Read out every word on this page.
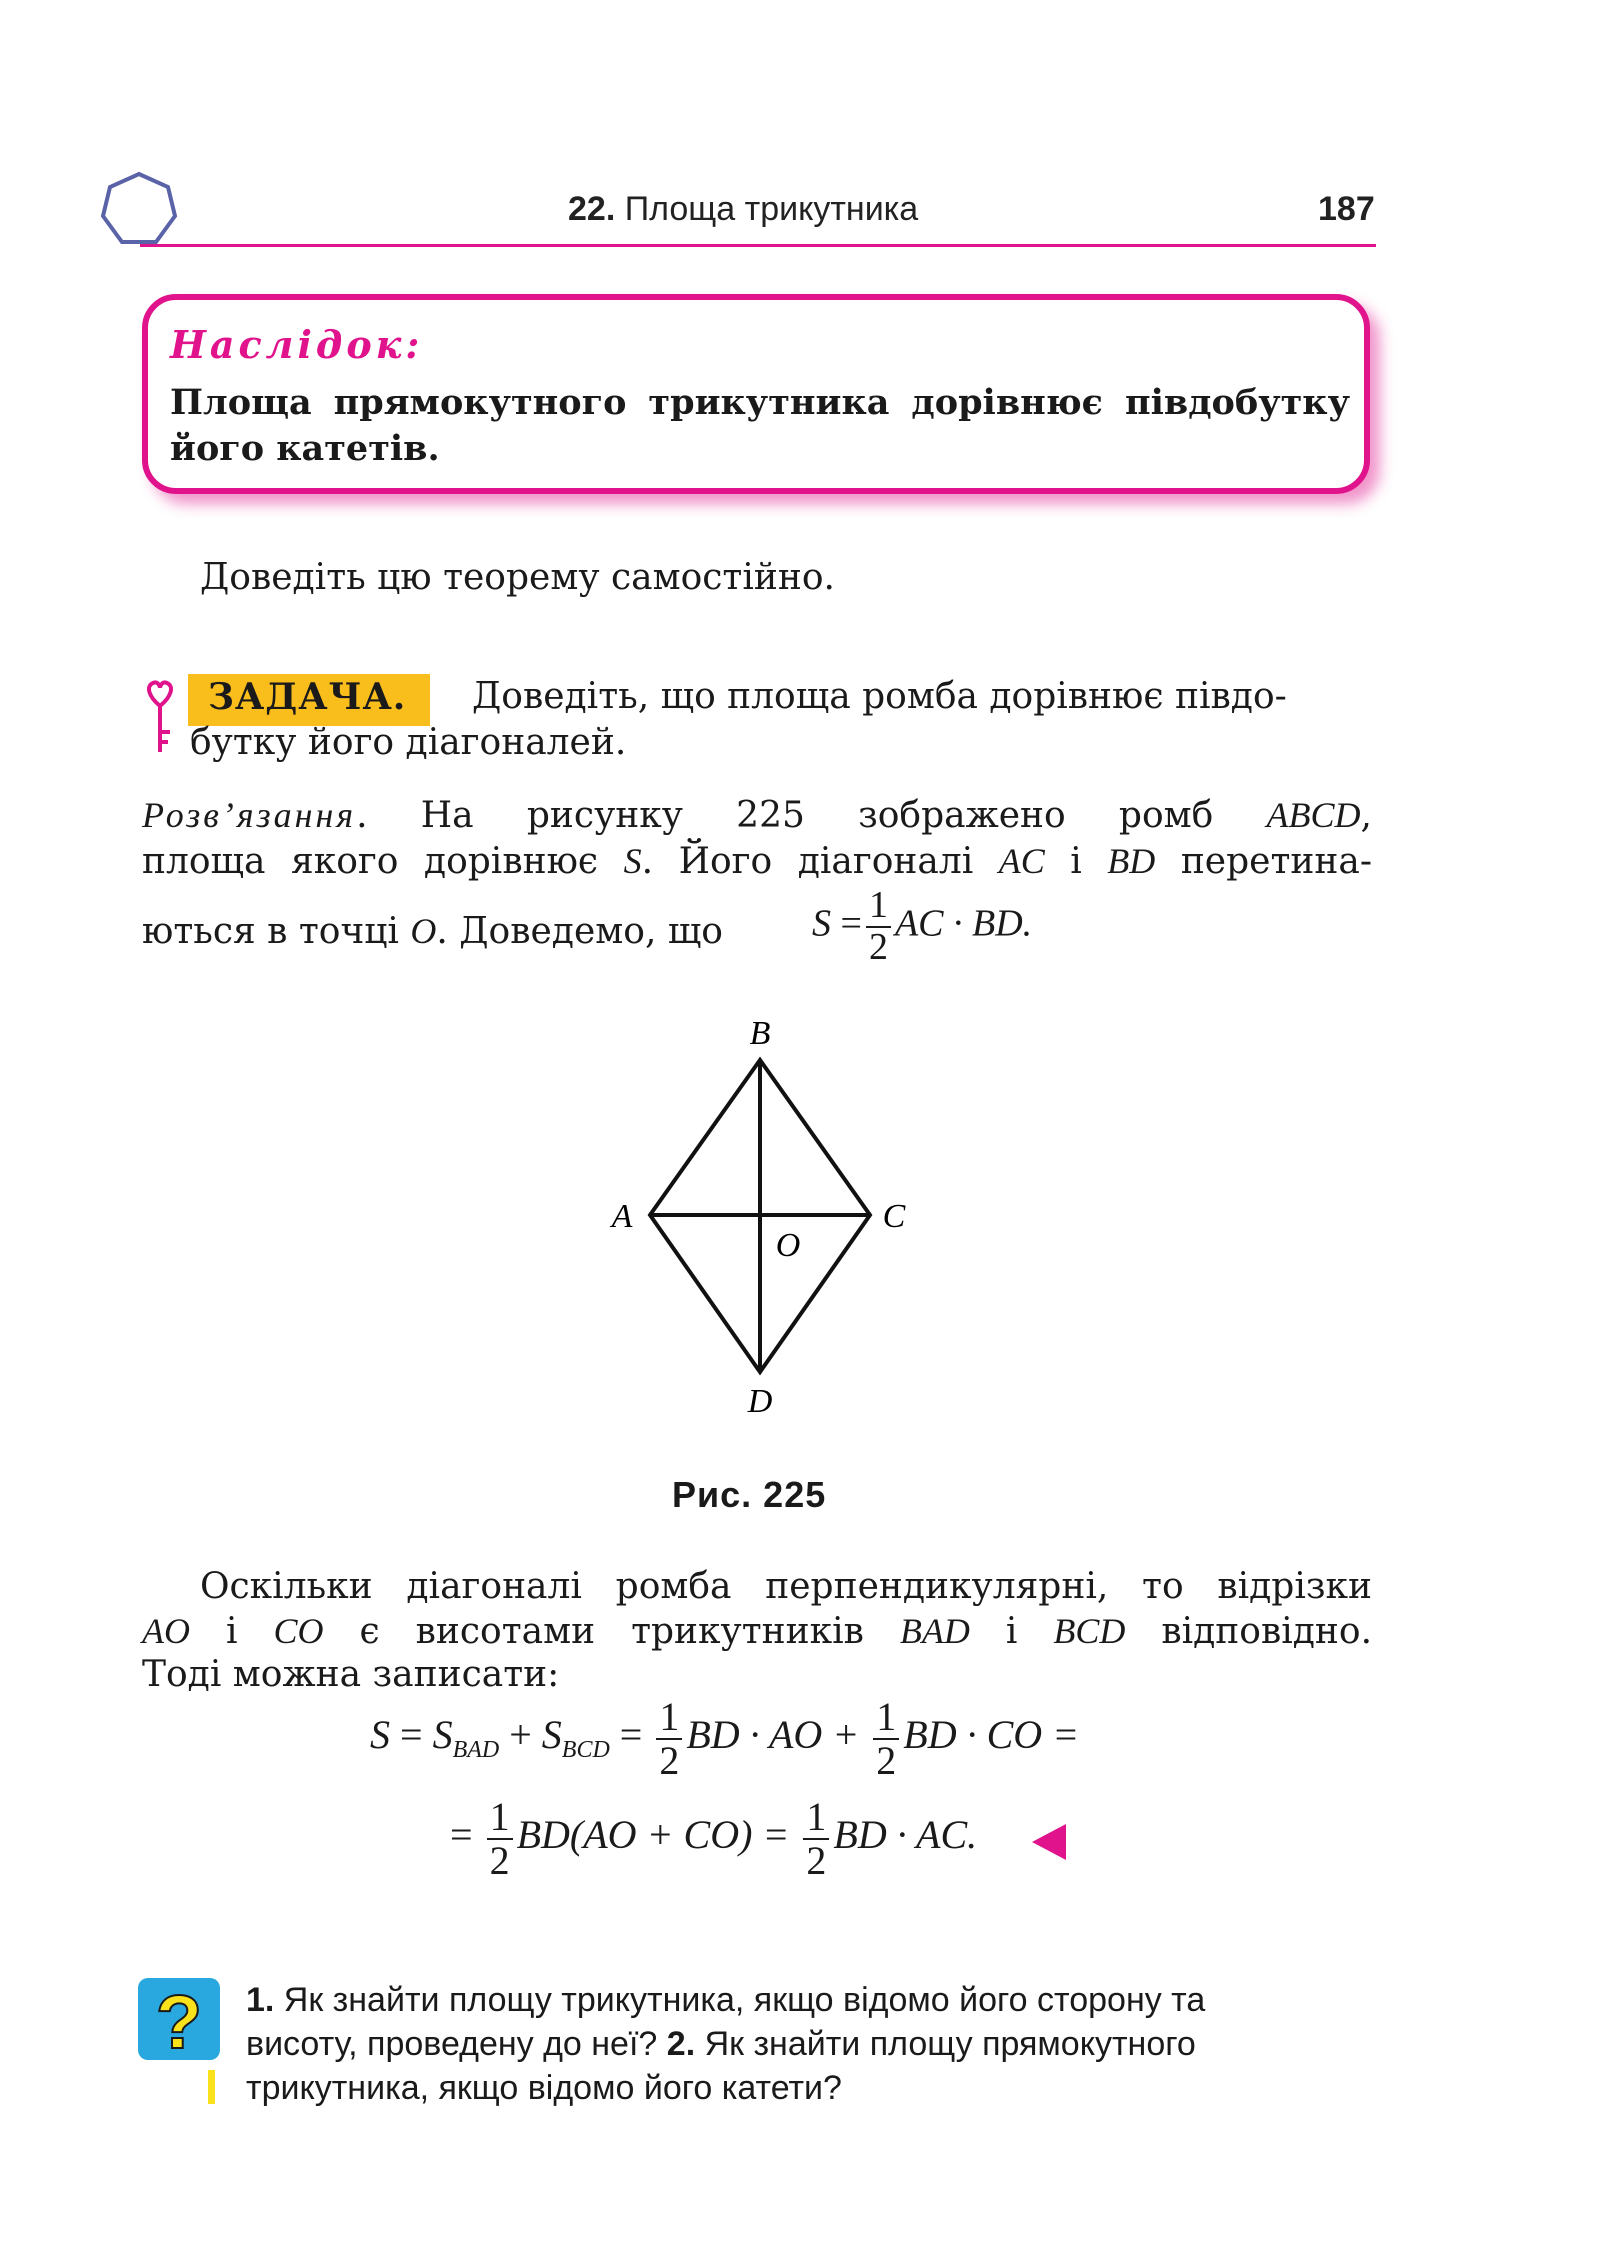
22. Площа трикутника	187
Наслідок:
Площа прямокутного трикутника дорівнює півдобутку його катетів.
Доведіть цю теорему самостійно.
ЗАДАЧА. Доведіть, що площа ромба дорівнює півдо-
бутку його діагоналей.
Розв’язання. На рисунку 225 зображено ромб ABCD,
площа якого дорівнює S. Його діагоналі AC і BD перетина-
ються в точці O. Доведемо, що $S = \frac{1}{2}$ AC · BD.
B
A	C
D
O
Рис. 225
Оскільки діагоналі ромба перпендикулярні, то відрізки
AO і CO є висотами трикутників BAD і BCD відповідно.
Тоді можна записати:
$S = S_{BAD} + S_{BCD} = \frac{1}{2}$ BD · AO + $\frac{1}{2}$ BD · CO =
= $\frac{1}{2} BD(AO + CO) = \frac{1}{2}$ BD · AC.
? 1. Як знайти площу трикутника, якщо відомо його сторону та
висоту, проведену до неї? 2. Як знайти площу прямокутного
трикутника, якщо відомо його катети?
